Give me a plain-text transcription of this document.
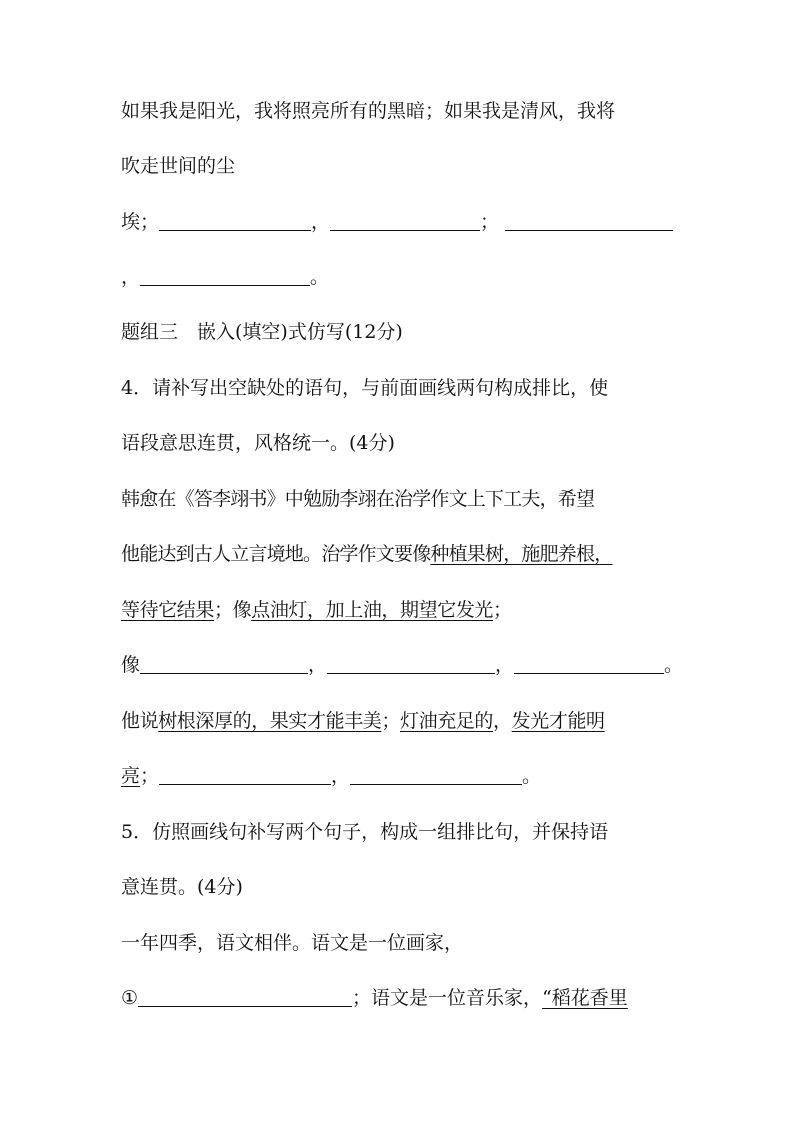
如果我是阳光，我将照亮所有的黑暗；如果我是清风，我将
吹走世间的尘
埃；	，	；
，	。
题组三　嵌入(填空)式仿写(12分)
4．请补写出空缺处的语句，与前面画线两句构成排比，使
语段意思连贯，风格统一。(4分)
韩愈在《答李翊书》中勉励李翊在治学作文上下工夫，希望
他能达到古人立言境地。治学作文要像种植果树，施肥养根，
等待它结果；像点油灯，加上油，期望它发光；
像	，	，	。
他说树根深厚的，果实才能丰美；灯油充足的，发光才能明
亮；	，	。
5．仿照画线句补写两个句子，构成一组排比句，并保持语
意连贯。(4分)
一年四季，语文相伴。语文是一位画家，
①	；语文是一位音乐家，“稻花香里
